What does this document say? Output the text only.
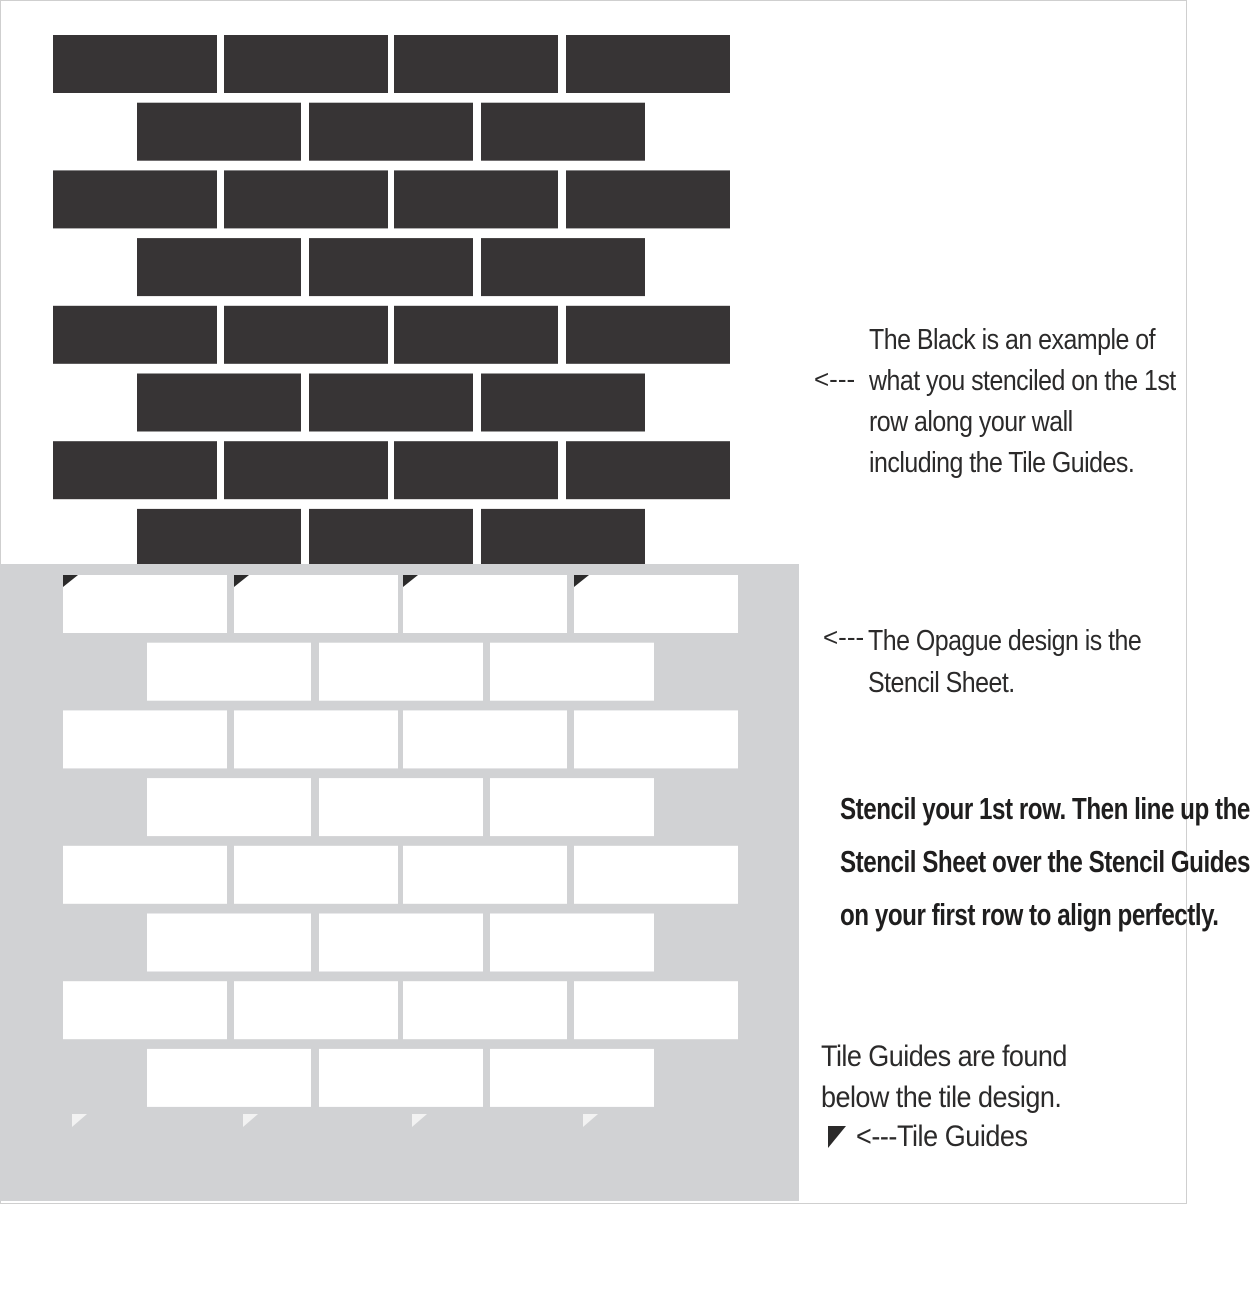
<---
The Black is an example of
what you stenciled on the 1st
row along your wall
including the Tile Guides.
<--- The Opague design is the
Stencil Sheet.
Stencil your 1st row. Then line up the
Stencil Sheet over the Stencil Guides
on your first row to align perfectly.
Tile Guides are found
below the tile design.
<---Tile Guides
